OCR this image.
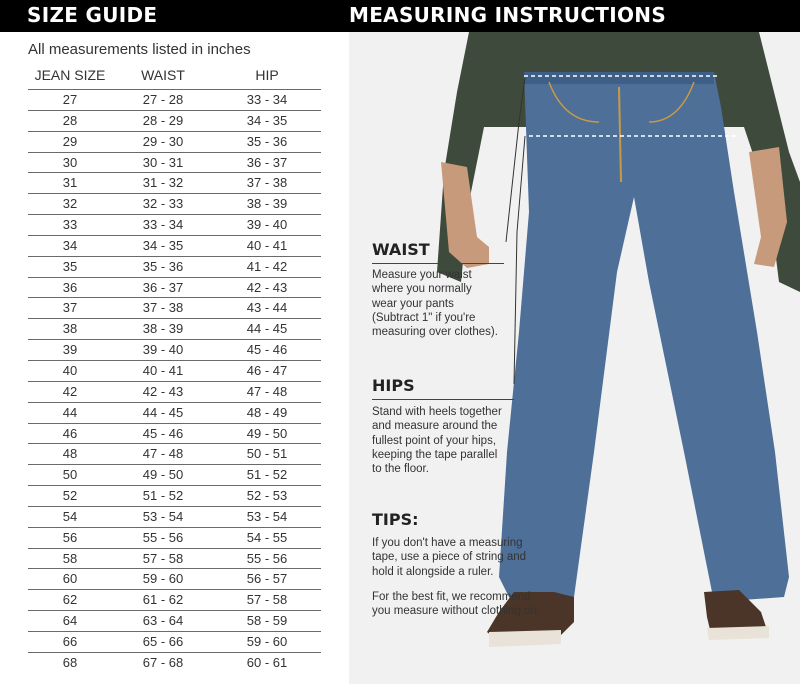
SIZE GUIDE	MEASURING INSTRUCTIONS
All measurements listed in inches
JEAN SIZE	WAIST	HIP
27	27 - 28	33 - 34
28	28 - 29	34 - 35
29	29 - 30	35 - 36
30	30 - 31	36 - 37
31	31 - 32	37 - 38
32	32 - 33	38 - 39
33	33 - 34	39 - 40
34	34 - 35	40 - 41
35	35 - 36	41 - 42
36	36 - 37	42 - 43
37	37 - 38	43 - 44
38	38 - 39	44 - 45
39	39 - 40	45 - 46
40	40 - 41	46 - 47
42	42 - 43	47 - 48
44	44 - 45	48 - 49
46	45 - 46	49 - 50
48	47 - 48	50 - 51
50	49 - 50	51 - 52
52	51 - 52	52 - 53
54	53 - 54	53 - 54
56	55 - 56	54 - 55
58	57 - 58	55 - 56
60	59 - 60	56 - 57
62	61 - 62	57 - 58
64	63 - 64	58 - 59
66	65 - 66	59 - 60
68	67 - 68	60 - 61
WAIST
Measure your waist
where you normally
wear your pants
(Subtract 1" if you're
measuring over clothes).
HIPS
Stand with heels together
and measure around the
fullest point of your hips,
keeping the tape parallel
to the floor.
TIPS:
If you don't have a measuring
tape, use a piece of string and
hold it alongside a ruler.
For the best fit, we recommend
you measure without clothing on.
